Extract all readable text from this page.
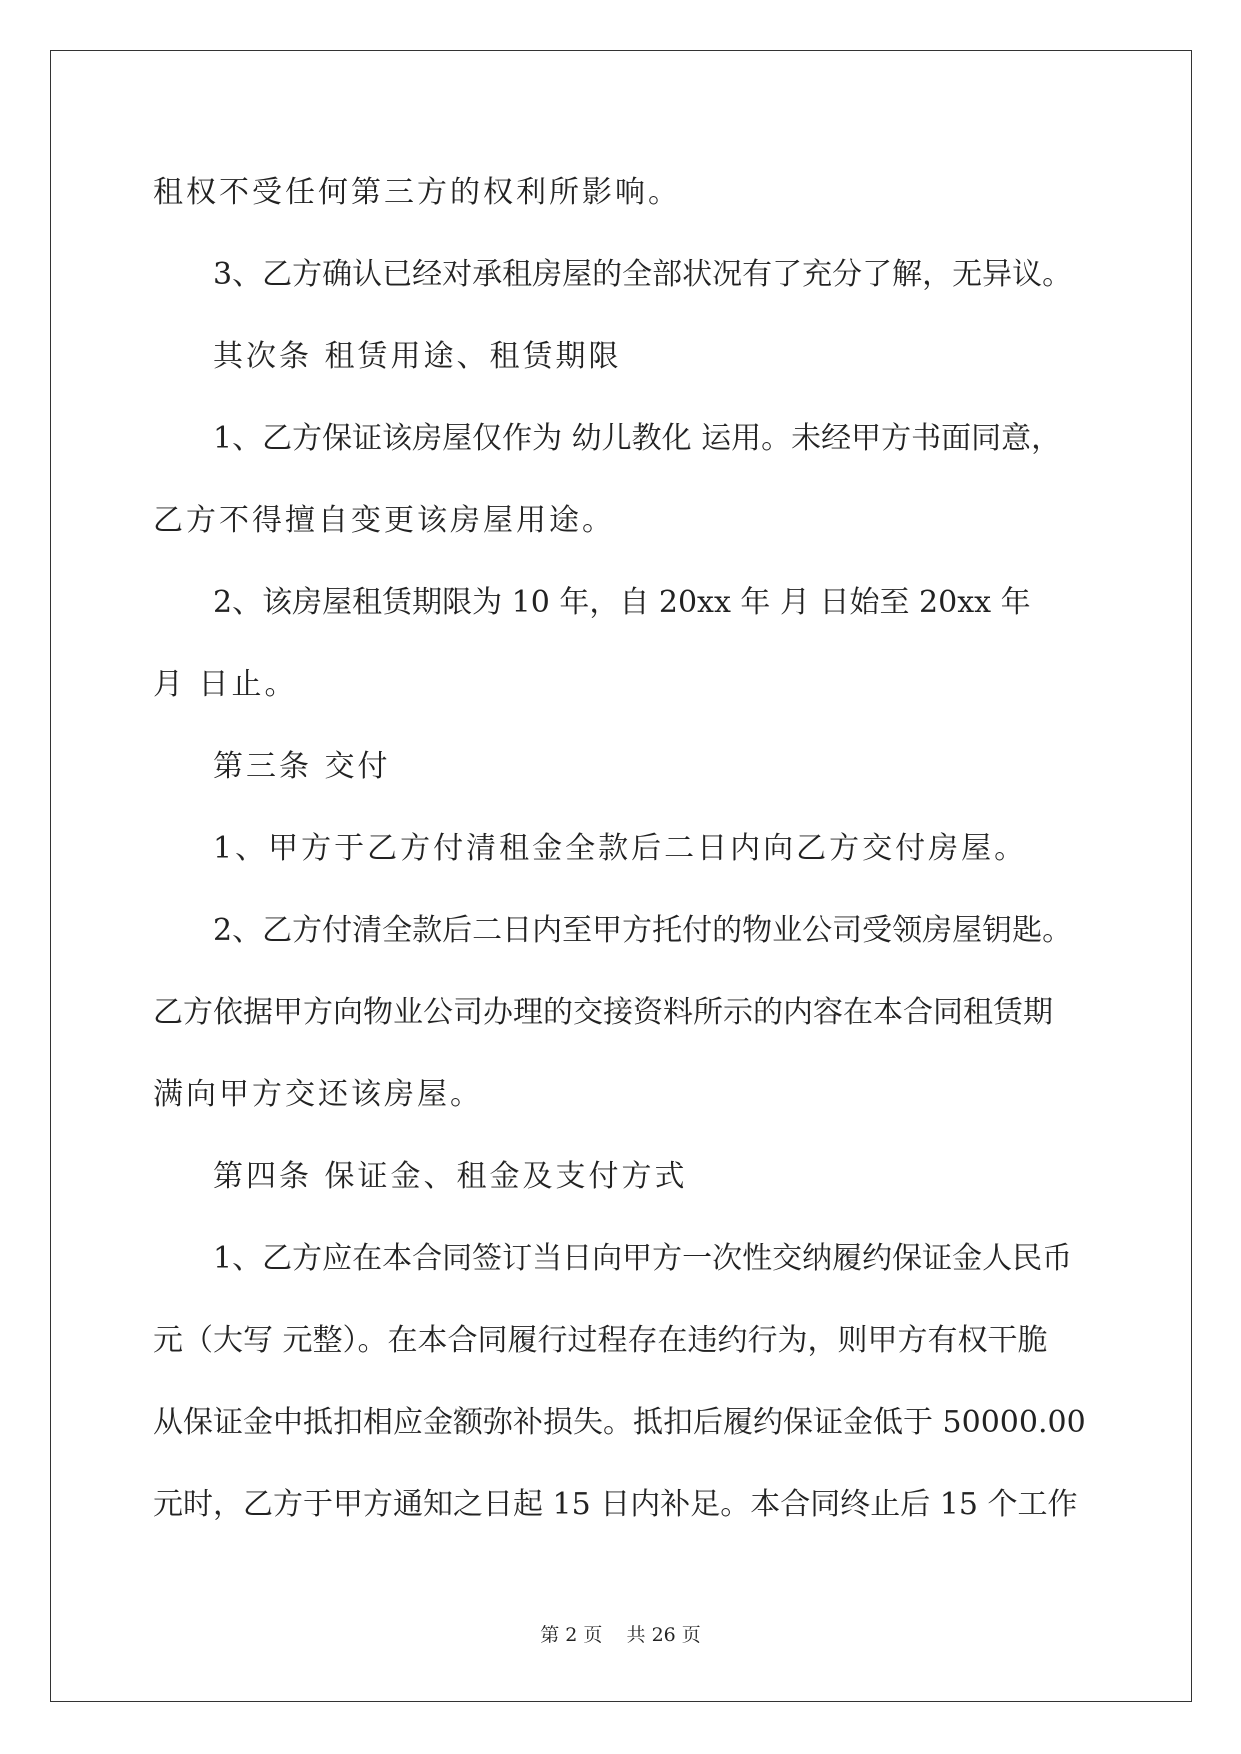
租权不受任何第三方的权利所影响。

3、乙方确认已经对承租房屋的全部状况有了充分了解，无异议。

其次条 租赁用途、租赁期限

1、乙方保证该房屋仅作为 幼儿教化 运用。未经甲方书面同意，

乙方不得擅自变更该房屋用途。

2、该房屋租赁期限为 10 年，自 20xx 年 月 日始至 20xx 年

月 日止。

第三条 交付

1、甲方于乙方付清租金全款后二日内向乙方交付房屋。

2、乙方付清全款后二日内至甲方托付的物业公司受领房屋钥匙。

乙方依据甲方向物业公司办理的交接资料所示的内容在本合同租赁期

满向甲方交还该房屋。

第四条 保证金、租金及支付方式

1、乙方应在本合同签订当日向甲方一次性交纳履约保证金人民币

元（大写 元整）。在本合同履行过程存在违约行为，则甲方有权干脆

从保证金中抵扣相应金额弥补损失。抵扣后履约保证金低于 50000.00

元时，乙方于甲方通知之日起 15 日内补足。本合同终止后 15 个工作

第 2 页    共 26 页
